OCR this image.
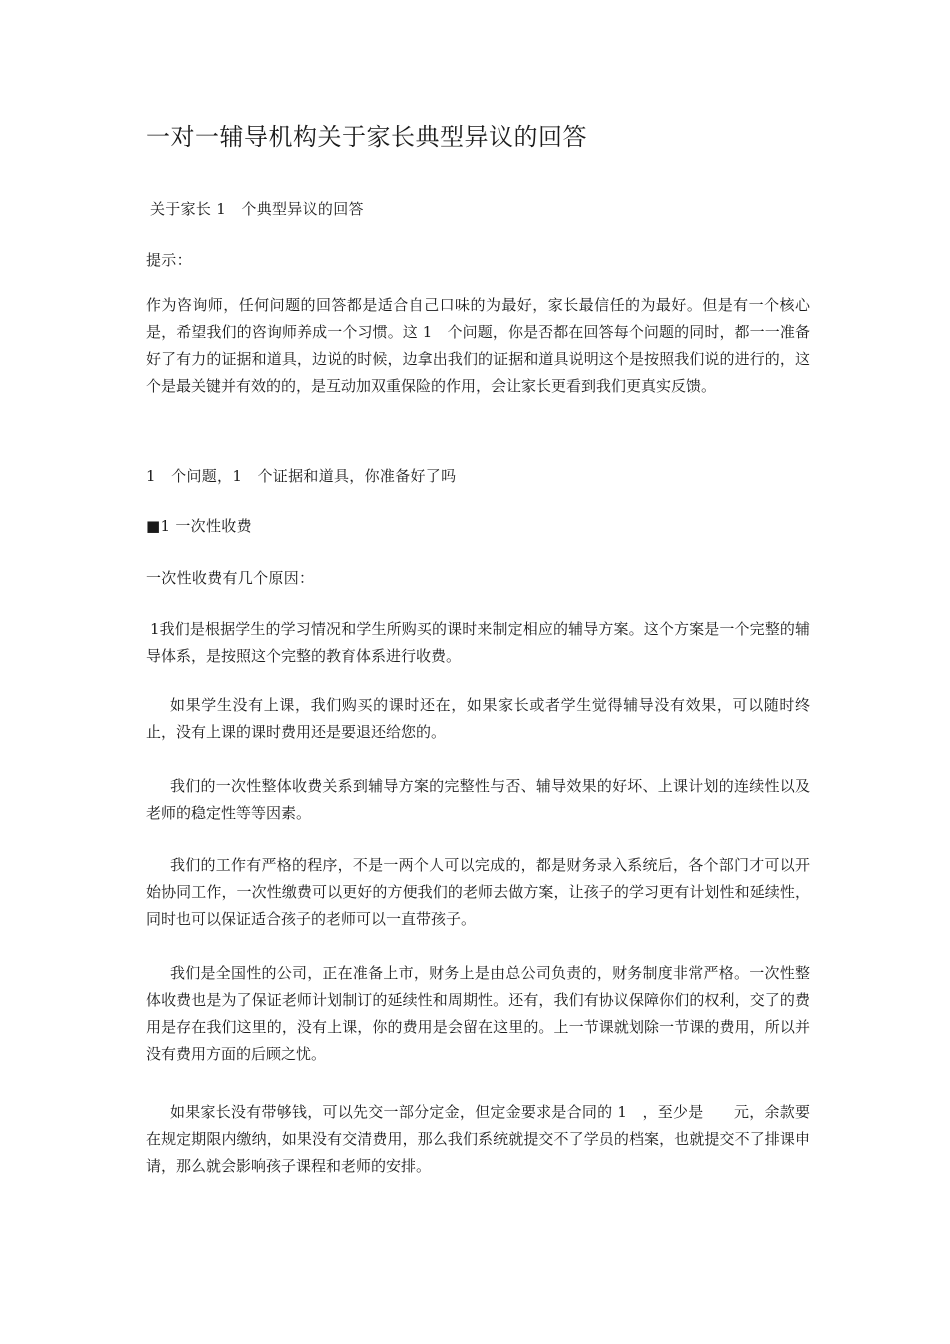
一对一辅导机构关于家长典型异议的回答

关于家长 1　个典型异议的回答

提示：

作为咨询师，任何问题的回答都是适合自己口味的为最好，家长最信任的为最好。但是有一个核心是，希望我们的咨询师养成一个习惯。这 1　个问题，你是否都在回答每个问题的同时，都一一准备好了有力的证据和道具，边说的时候，边拿出我们的证据和道具说明这个是按照我们说的进行的，这个是最关键并有效的的，是互动加双重保险的作用，会让家长更看到我们更真实反馈。

1　个问题，1　个证据和道具，你准备好了吗

■1 一次性收费

一次性收费有几个原因：

1我们是根据学生的学习情况和学生所购买的课时来制定相应的辅导方案。这个方案是一个完整的辅导体系，是按照这个完整的教育体系进行收费。

如果学生没有上课，我们购买的课时还在，如果家长或者学生觉得辅导没有效果，可以随时终止，没有上课的课时费用还是要退还给您的。

我们的一次性整体收费关系到辅导方案的完整性与否、辅导效果的好坏、上课计划的连续性以及老师的稳定性等等因素。

我们的工作有严格的程序，不是一两个人可以完成的，都是财务录入系统后，各个部门才可以开始协同工作，一次性缴费可以更好的方便我们的老师去做方案，让孩子的学习更有计划性和延续性，同时也可以保证适合孩子的老师可以一直带孩子。

我们是全国性的公司，正在准备上市，财务上是由总公司负责的，财务制度非常严格。一次性整体收费也是为了保证老师计划制订的延续性和周期性。还有，我们有协议保障你们的权利，交了的费用是存在我们这里的，没有上课，你的费用是会留在这里的。上一节课就划除一节课的费用，所以并没有费用方面的后顾之忧。

如果家长没有带够钱，可以先交一部分定金，但定金要求是合同的 1　，至少是　　元，余款要在规定期限内缴纳，如果没有交清费用，那么我们系统就提交不了学员的档案，也就提交不了排课申请，那么就会影响孩子课程和老师的安排。
